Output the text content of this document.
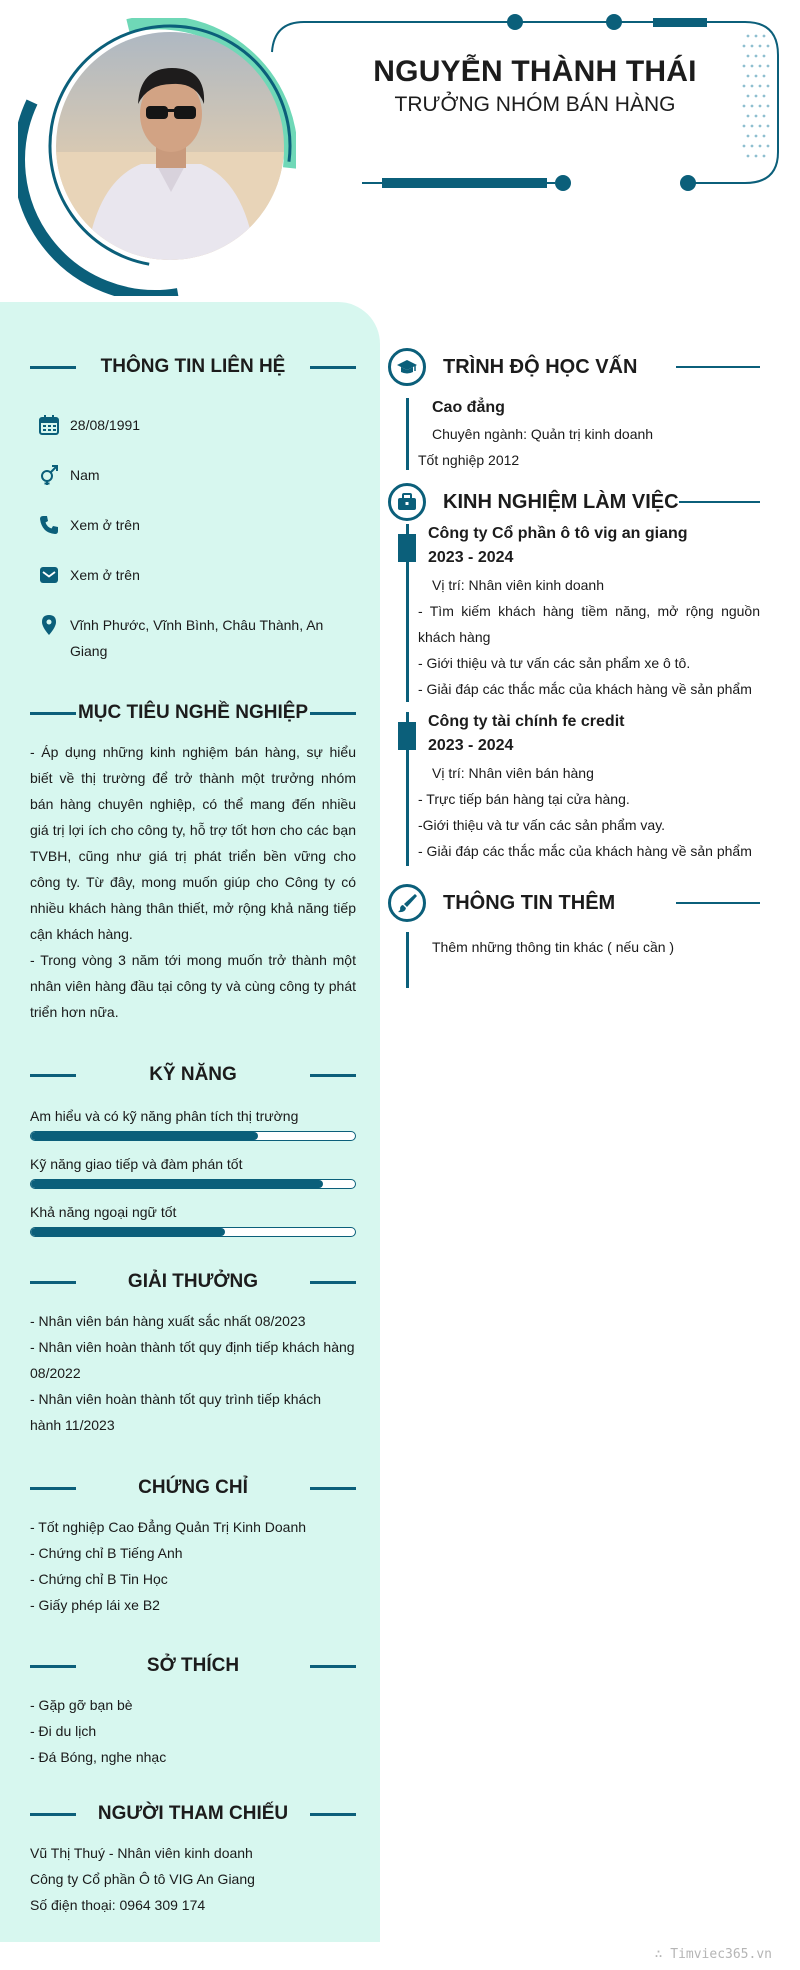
NGUYỄN THÀNH THÁI
TRƯỞNG NHÓM BÁN HÀNG
THÔNG TIN LIÊN HỆ
28/08/1991
Nam
Xem ở trên
Xem ở trên
Vĩnh Phước, Vĩnh Bình, Châu Thành, An Giang
MỤC TIÊU NGHỀ NGHIỆP
- Áp dụng những kinh nghiệm bán hàng, sự hiểu biết về thị trường để trở thành một trưởng nhóm bán hàng chuyên nghiệp, có thể mang đến nhiều giá trị lợi ích cho công ty, hỗ trợ tốt hơn cho các bạn TVBH, cũng như giá trị phát triển bền vững cho công ty. Từ đây, mong muốn giúp cho Công ty có nhiều khách hàng thân thiết, mở rộng khả năng tiếp cận khách hàng.
- Trong vòng 3 năm tới mong muốn trở thành một nhân viên hàng đầu tại công ty và cùng công ty phát triển hơn nữa.
KỸ NĂNG
Am hiểu và có kỹ năng phân tích thị trường
Kỹ năng giao tiếp và đàm phán tốt
Khả năng ngoại ngữ tốt
GIẢI THƯỞNG
- Nhân viên bán hàng xuất sắc nhất 08/2023
- Nhân viên hoàn thành tốt quy định tiếp khách hàng 08/2022
- Nhân viên hoàn thành tốt quy trình tiếp khách hành 11/2023
CHỨNG CHỈ
- Tốt nghiệp Cao Đẳng Quản Trị Kinh Doanh
- Chứng chỉ B Tiếng Anh
- Chứng chỉ B Tin Học
- Giấy phép lái xe B2
SỞ THÍCH
- Gặp gỡ bạn bè
- Đi du lịch
- Đá Bóng, nghe nhạc
NGƯỜI THAM CHIẾU
Vũ Thị Thuý - Nhân viên kinh doanh
Công ty Cổ phần Ô tô VIG An Giang
Số điện thoại: 0964 309 174
TRÌNH ĐỘ HỌC VẤN
Cao đẳng
Chuyên ngành: Quản trị kinh doanh
Tốt nghiệp 2012
KINH NGHIỆM LÀM VIỆC
Công ty Cổ phần ô tô vig an giang
2023 - 2024
Vị trí: Nhân viên kinh doanh
- Tìm kiếm khách hàng tiềm năng, mở rộng nguồn khách hàng
- Giới thiệu và tư vấn các sản phẩm xe ô tô.
- Giải đáp các thắc mắc của khách hàng về sản phẩm
Công ty tài chính fe credit
2023 - 2024
Vị trí: Nhân viên bán hàng
- Trực tiếp bán hàng tại cửa hàng.
-Giới thiệu và tư vấn các sản phẩm vay.
- Giải đáp các thắc mắc của khách hàng về sản phẩm
THÔNG TIN THÊM
Thêm những thông tin khác ( nếu cần )
∴ Timviec365.vn
